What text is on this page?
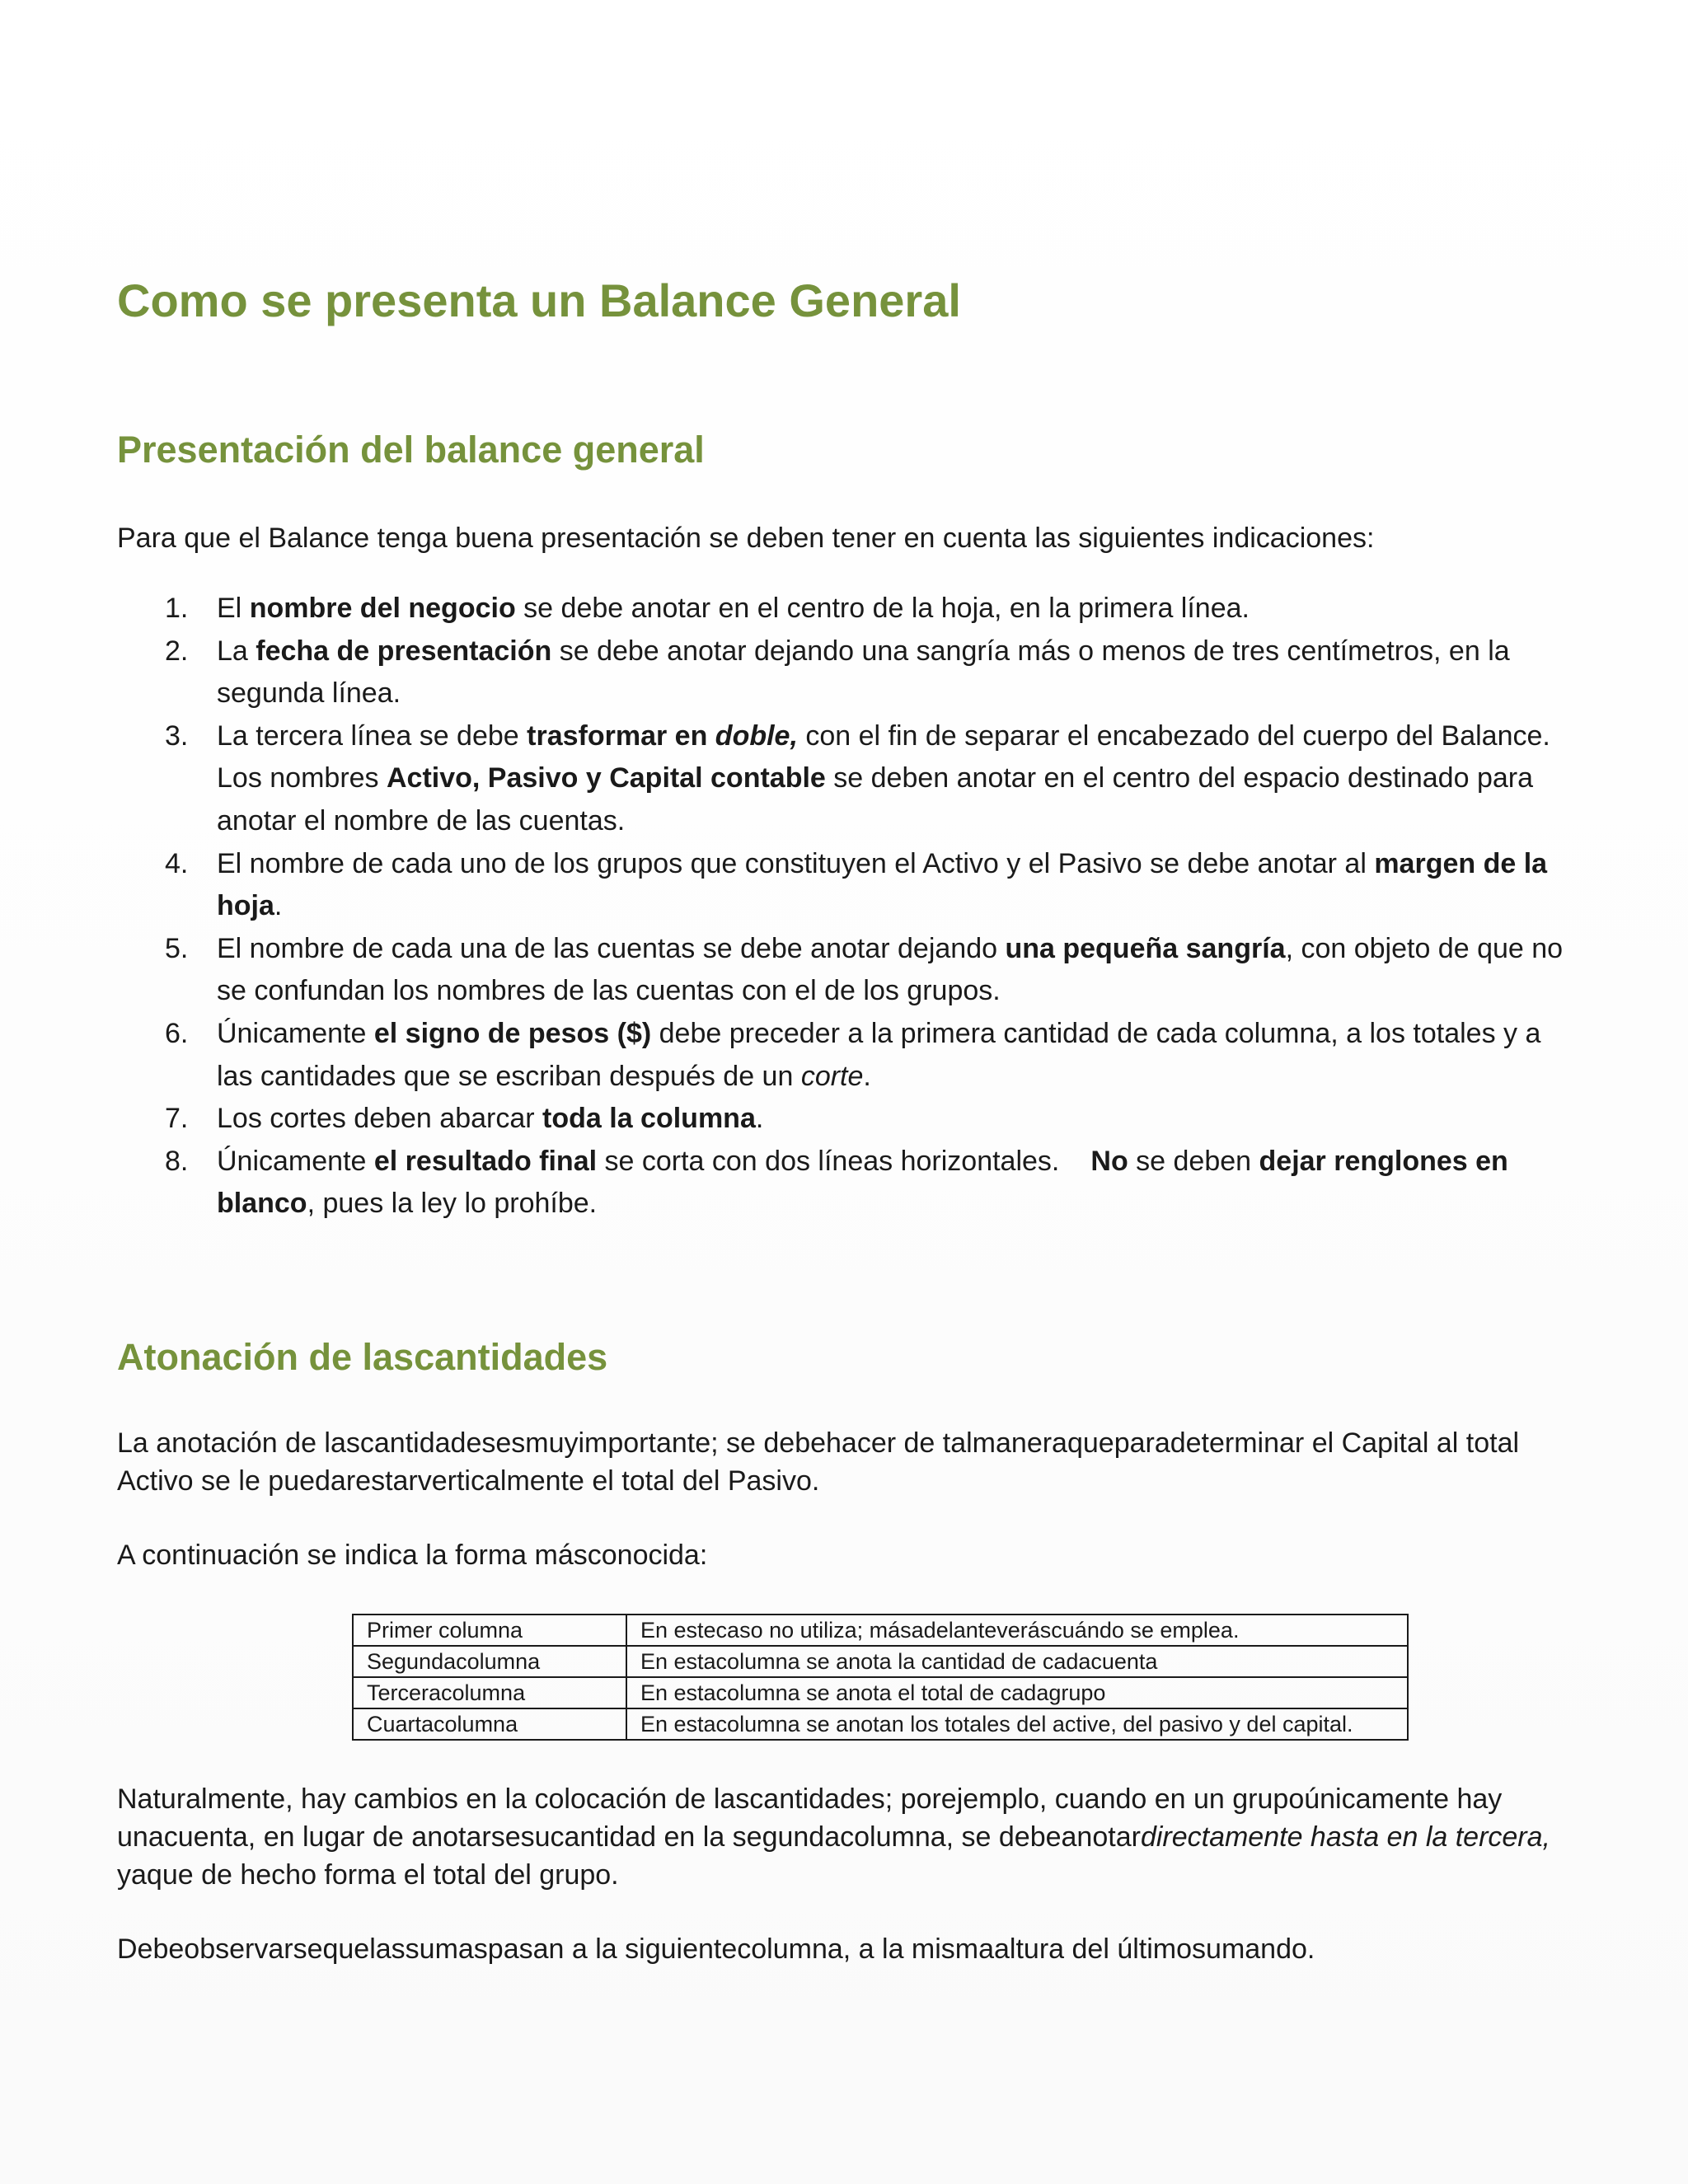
Como se presenta un Balance General
Presentación del balance general

Para que el Balance tenga buena presentación se deben tener en cuenta las siguientes indicaciones:

1.	El nombre del negocio se debe anotar en el centro de la hoja, en la primera línea.
2.	La fecha de presentación se debe anotar dejando una sangría más o menos de tres centímetros, en la segunda línea.
3.	La tercera línea se debe trasformar en doble, con el fin de separar el encabezado del cuerpo del Balance. Los nombres Activo, Pasivo y Capital contable se deben anotar en el centro del espacio destinado para anotar el nombre de las cuentas.
4.	El nombre de cada uno de los grupos que constituyen el Activo y el Pasivo se debe anotar al margen de la hoja.
5.	El nombre de cada una de las cuentas se debe anotar dejando una pequeña sangría, con objeto de que no se confundan los nombres de las cuentas con el de los grupos.
6.	Únicamente el signo de pesos ($) debe preceder a la primera cantidad de cada columna, a los totales y a las cantidades que se escriban después de un corte.
7.	Los cortes deben abarcar toda la columna.
8.	Únicamente el resultado final se corta con dos líneas horizontales. No se deben dejar renglones en blanco, pues la ley lo prohíbe.
Atonación de lascantidades

La anotación de lascantidadesesmuyimportante; se debehacer de talmaneraqueparadeterminar el Capital al total Activo se le puedarestarverticalmente el total del Pasivo.

A continuación se indica la forma másconocida:

Primer columna	En estecaso no utiliza; másadelanteveráscuándo se emplea.
Segundacolumna	En estacolumna se anota la cantidad de cadacuenta
Terceracolumna	En estacolumna se anota el total de cadagrupo
Cuartacolumna	En estacolumna se anotan los totales del active, del pasivo y del capital.

Naturalmente, hay cambios en la colocación de lascantidades; porejemplo, cuando en un grupoúnicamente hay unacuenta, en lugar de anotarsesucantidad en la segundacolumna, se debeanotardirectamente hasta en la tercera, yaque de hecho forma el total del grupo.

Debeobservarsequelassumaspasan a la siguientecolumna, a la mismaaltura del últimosumando.
